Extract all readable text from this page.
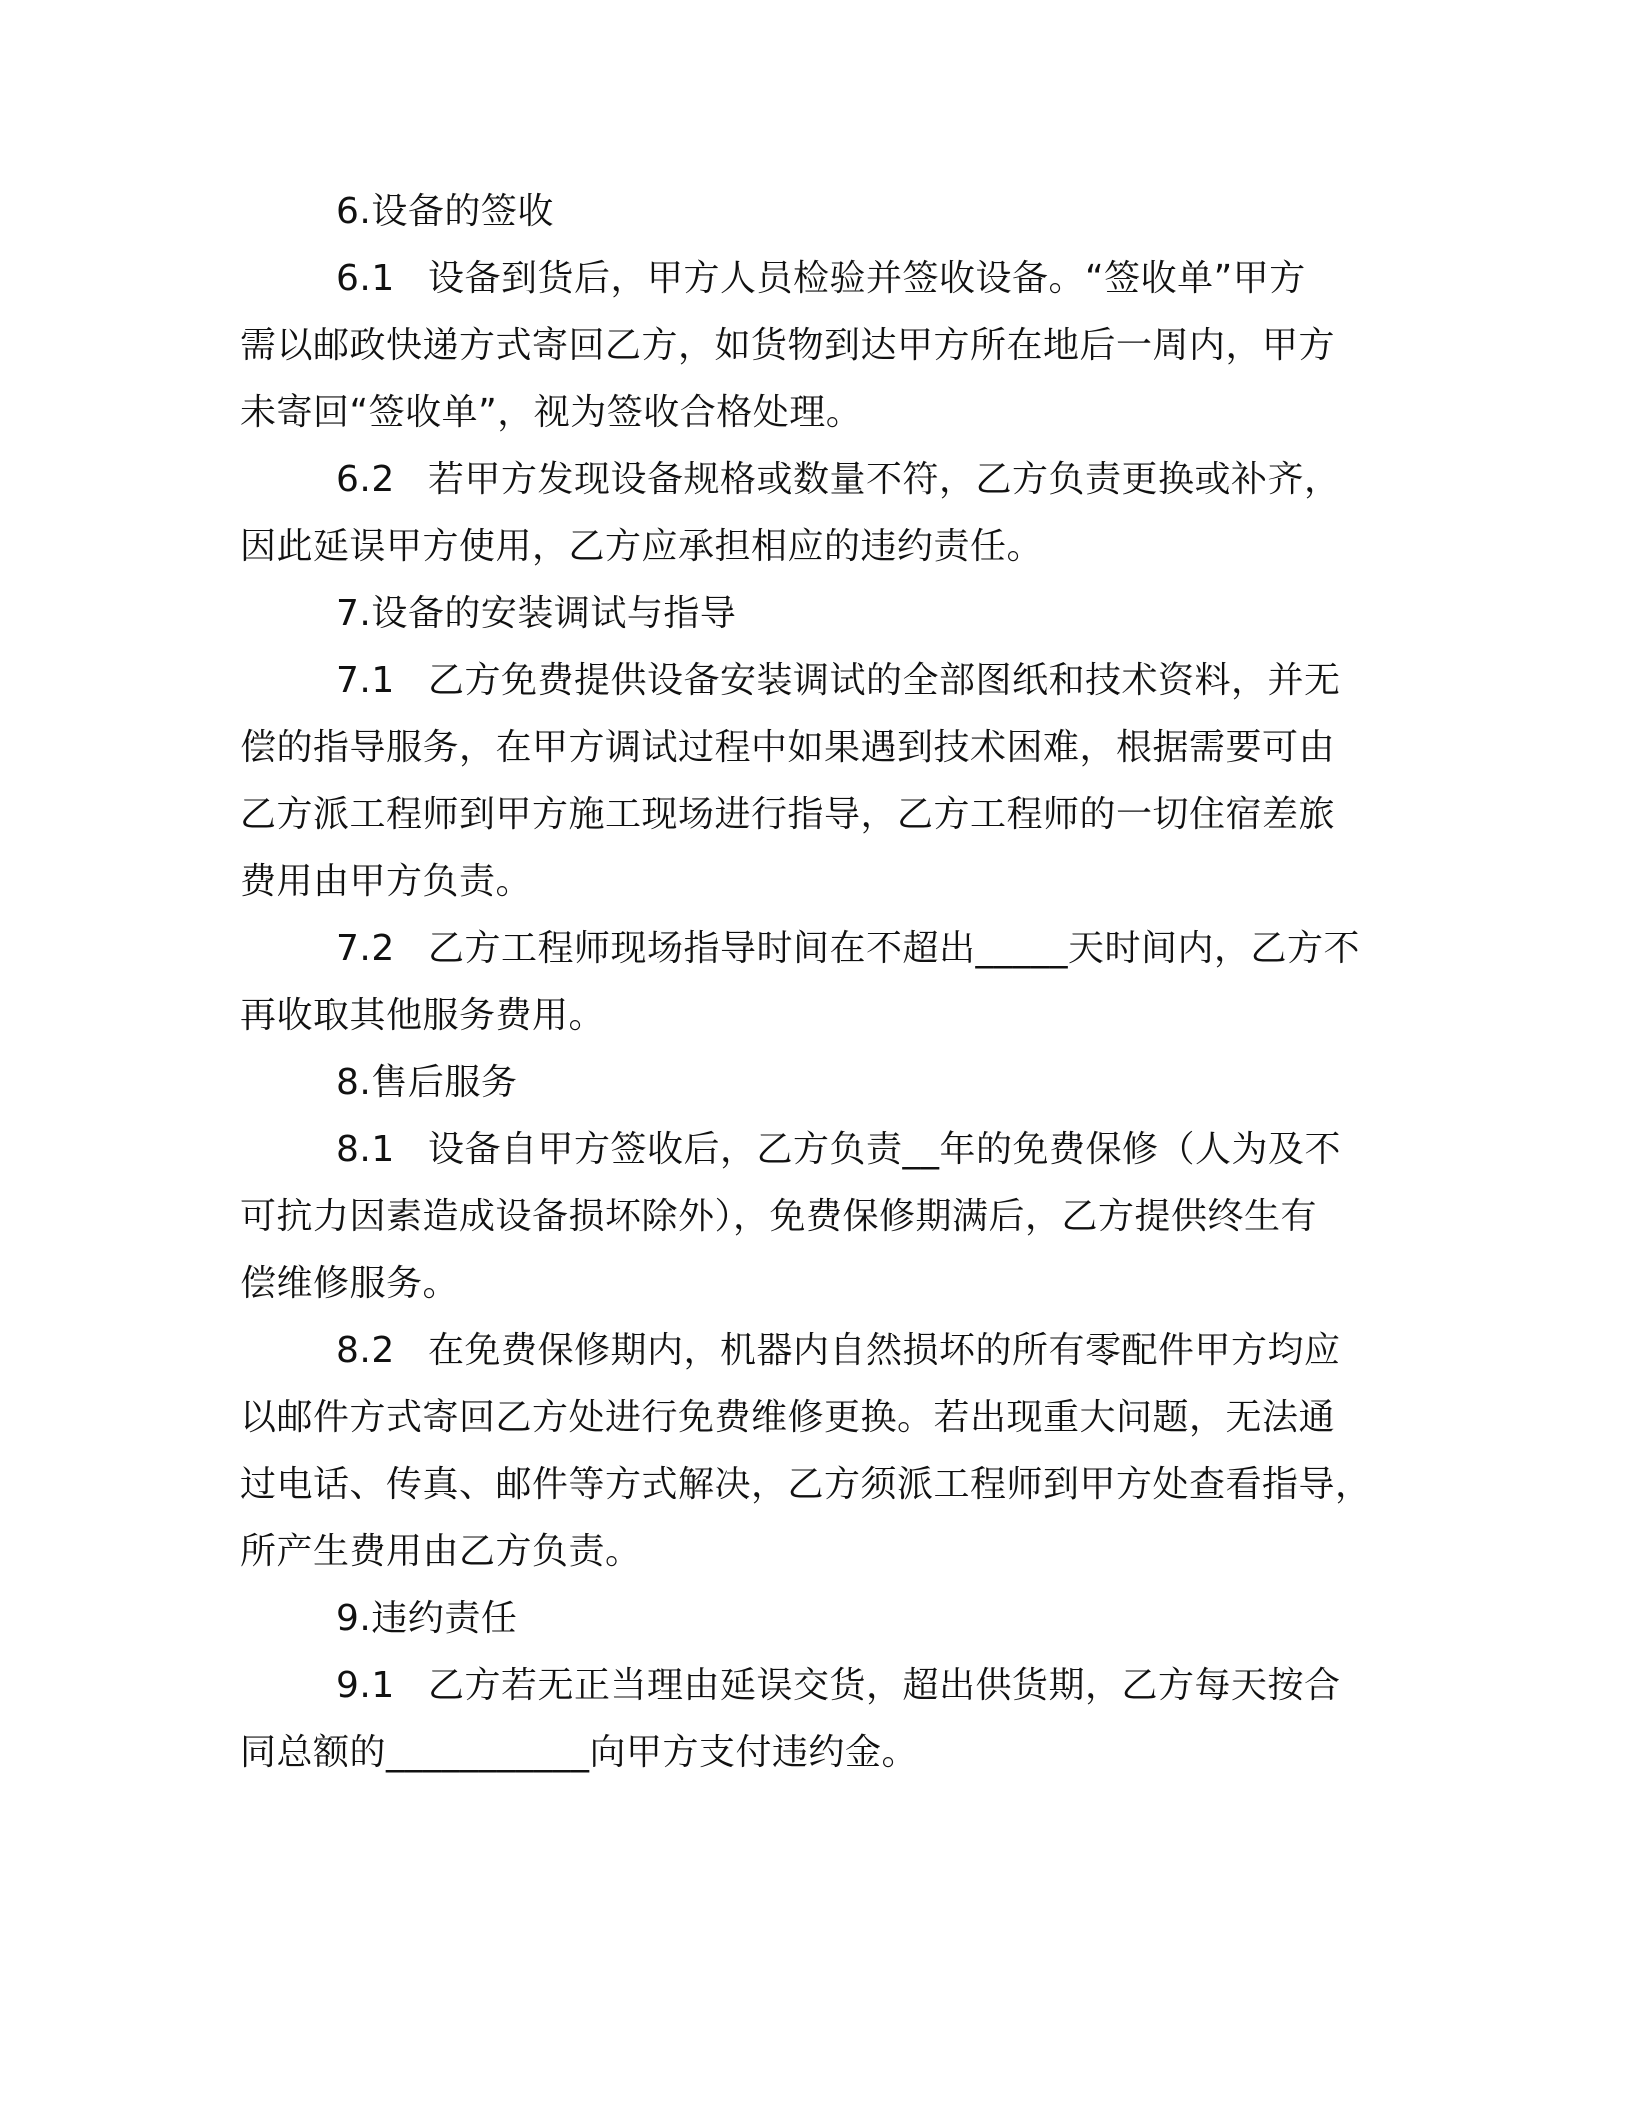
6.设备的签收
6.1 设备到货后，甲方人员检验并签收设备。“签收单”甲方
需以邮政快递方式寄回乙方，如货物到达甲方所在地后一周内，甲方
未寄回“签收单”，视为签收合格处理。
6.2 若甲方发现设备规格或数量不符，乙方负责更换或补齐，
因此延误甲方使用，乙方应承担相应的违约责任。
7.设备的安装调试与指导
7.1 乙方免费提供设备安装调试的全部图纸和技术资料，并无
偿的指导服务，在甲方调试过程中如果遇到技术困难，根据需要可由
乙方派工程师到甲方施工现场进行指导，乙方工程师的一切住宿差旅
费用由甲方负责。
7.2 乙方工程师现场指导时间在不超出_____天时间内，乙方不
再收取其他服务费用。
8.售后服务
8.1 设备自甲方签收后，乙方负责__年的免费保修（人为及不
可抗力因素造成设备损坏除外），免费保修期满后，乙方提供终生有
偿维修服务。
8.2 在免费保修期内，机器内自然损坏的所有零配件甲方均应
以邮件方式寄回乙方处进行免费维修更换。若出现重大问题，无法通
过电话、传真、邮件等方式解决，乙方须派工程师到甲方处查看指导，
所产生费用由乙方负责。
9.违约责任
9.1 乙方若无正当理由延误交货，超出供货期，乙方每天按合
同总额的___________向甲方支付违约金。
